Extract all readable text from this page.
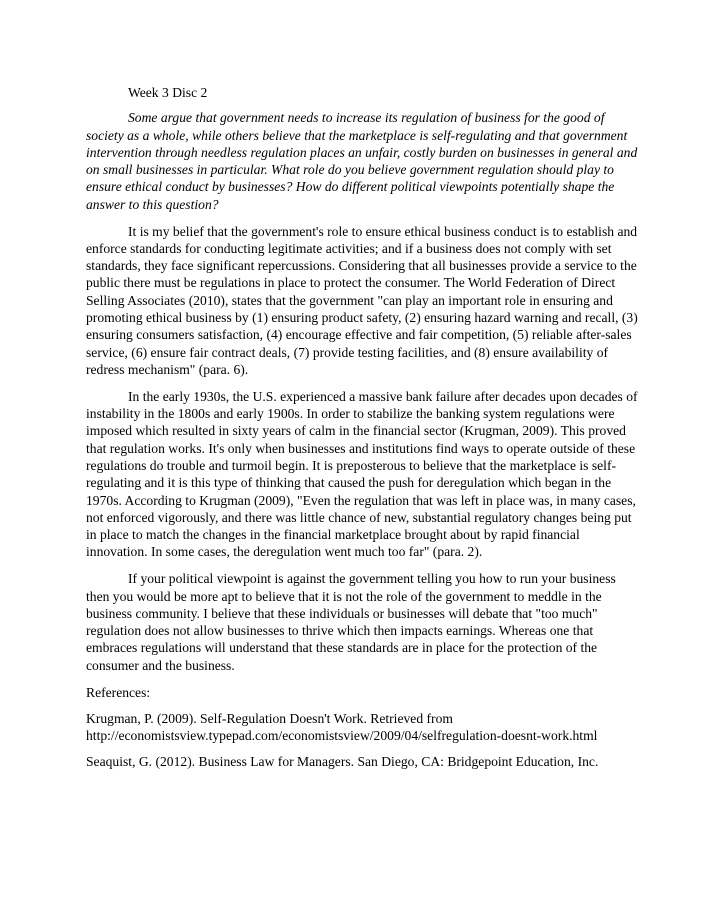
Week 3 Disc 2

Some argue that government needs to increase its regulation of business for the good of society as a whole, while others believe that the marketplace is self-regulating and that government intervention through needless regulation places an unfair, costly burden on businesses in general and on small businesses in particular. What role do you believe government regulation should play to ensure ethical conduct by businesses? How do different political viewpoints potentially shape the answer to this question?

It is my belief that the government's role to ensure ethical business conduct is to establish and enforce standards for conducting legitimate activities; and if a business does not comply with set standards, they face significant repercussions. Considering that all businesses provide a service to the public there must be regulations in place to protect the consumer. The World Federation of Direct Selling Associates (2010), states that the government "can play an important role in ensuring and promoting ethical business by (1) ensuring product safety, (2) ensuring hazard warning and recall, (3) ensuring consumers satisfaction, (4) encourage effective and fair competition, (5) reliable after-sales service, (6) ensure fair contract deals, (7) provide testing facilities, and (8) ensure availability of redress mechanism" (para. 6).

In the early 1930s, the U.S. experienced a massive bank failure after decades upon decades of instability in the 1800s and early 1900s. In order to stabilize the banking system regulations were imposed which resulted in sixty years of calm in the financial sector (Krugman, 2009). This proved that regulation works. It's only when businesses and institutions find ways to operate outside of these regulations do trouble and turmoil begin. It is preposterous to believe that the marketplace is self-regulating and it is this type of thinking that caused the push for deregulation which began in the 1970s. According to Krugman (2009), "Even the regulation that was left in place was, in many cases, not enforced vigorously, and there was little chance of new, substantial regulatory changes being put in place to match the changes in the financial marketplace brought about by rapid financial innovation. In some cases, the deregulation went much too far" (para. 2).

If your political viewpoint is against the government telling you how to run your business then you would be more apt to believe that it is not the role of the government to meddle in the business community. I believe that these individuals or businesses will debate that "too much" regulation does not allow businesses to thrive which then impacts earnings. Whereas one that embraces regulations will understand that these standards are in place for the protection of the consumer and the business.

References:

Krugman, P. (2009). Self-Regulation Doesn't Work. Retrieved from http://economistsview.typepad.com/economistsview/2009/04/selfregulation-doesnt-work.html

Seaquist, G. (2012). Business Law for Managers. San Diego, CA: Bridgepoint Education, Inc.
